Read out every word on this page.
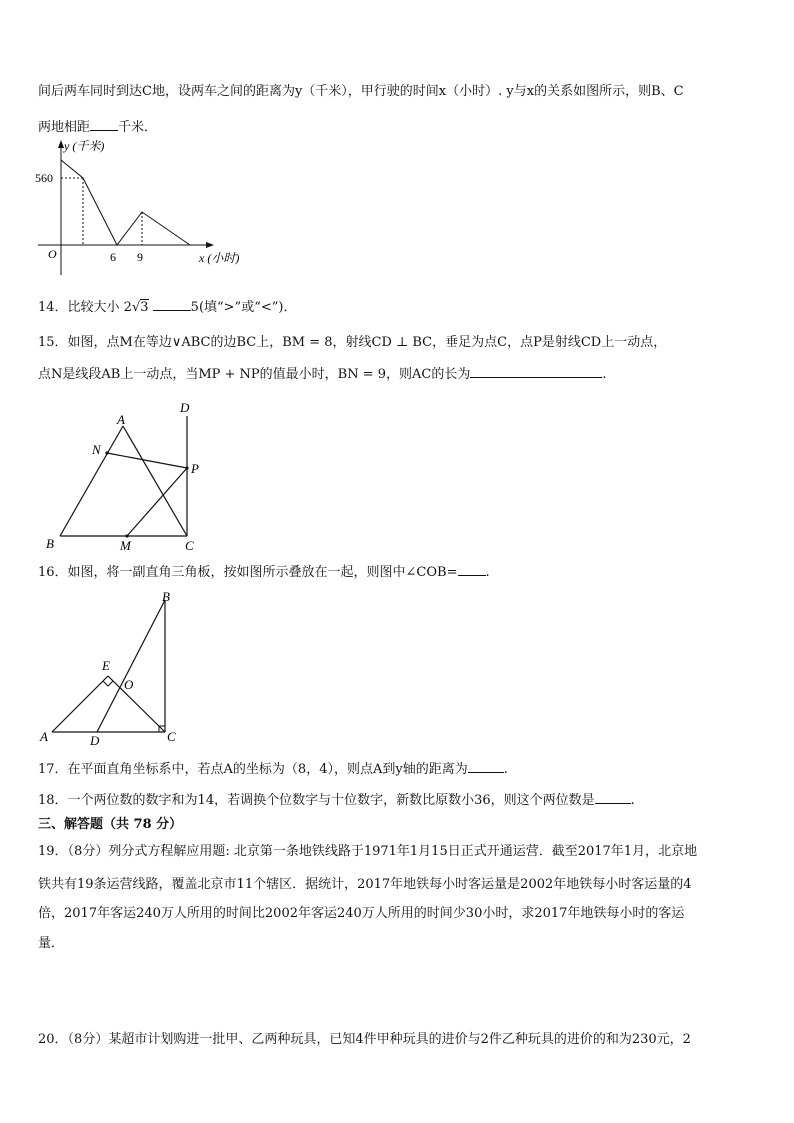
间后两车同时到达C地，设两车之间的距离为y（千米），甲行驶的时间x（小时）. y与x的关系如图所示，则B、C
两地相距 千米．
y (千米)
560
O	6 9	x (小时)
14．比较大小 2√3	5(填“>”或“<”)．
15．如图，点M在等边∨ABC的边BC上，BM = 8，射线CD ⊥ BC，垂足为点C，点P是射线CD上一动点，
点N是线段AB上一动点，当MP + NP的值最小时，BN = 9，则AC的长为	.
A
D
N
P
B	M	C
16．如图，将一副直角三角板，按如图所示叠放在一起，则图中∠COB= .
B
E
O
A	D	C
17．在平面直角坐标系中，若点A的坐标为（8，4），则点A到y轴的距离为	.
18．一个两位数的数字和为14，若调换个位数字与十位数字，新数比原数小36，则这个两位数是	.
三、解答题（共 78 分）
19．（8分）列分式方程解应用题: 北京第一条地铁线路于1971年1月15日正式开通运营．截至2017年1月，北京地
铁共有19条运营线路，覆盖北京市11个辖区．据统计，2017年地铁每小时客运量是2002年地铁每小时客运量的4
倍，2017年客运240万人所用的时间比2002年客运240万人所用的时间少30小时，求2017年地铁每小时的客运
量．
20．（8分）某超市计划购进一批甲、乙两种玩具，已知4件甲种玩具的进价与2件乙种玩具的进价的和为230元，2
